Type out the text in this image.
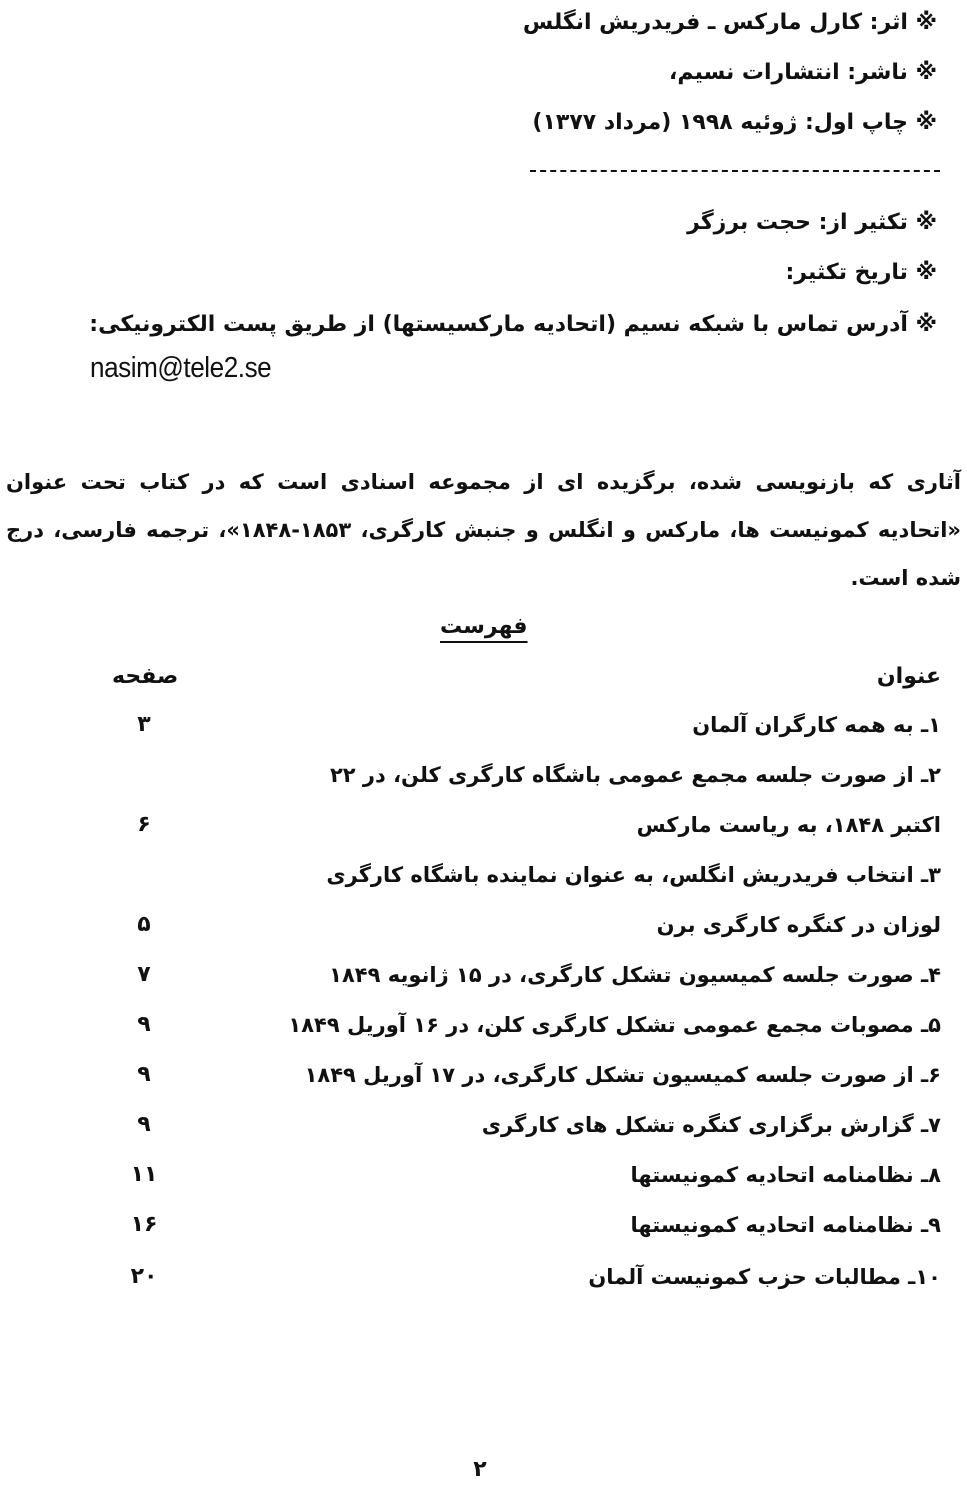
※ اثر: کارل مارکس ـ فریدریش انگلس
※ ناشر: انتشارات نسیم،
※ چاپ اول: ژوئیه ۱۹۹۸ (مرداد ۱۳۷۷)
※ تکثیر از: حجت برزگر
※ تاریخ تکثیر:
※ آدرس تماس با شبکه نسیم (اتحادیه مارکسیستها) از طریق پست الکترونیکی:
nasim@tele2.se
آثاری که بازنویسی شده، برگزیده ای از مجموعه اسنادی است که در کتاب تحت عنوان «اتحادیه کمونیست ها، مارکس و انگلس و جنبش کارگری، ۱۸۵۳-۱۸۴۸»، ترجمه فارسی، درج شده است.
فهرست
عنوان
صفحه
۱ـ به همه کارگران آلمان
۳
۲ـ از صورت جلسه مجمع عمومی باشگاه کارگری کلن، در ۲۲
اکتبر ۱۸۴۸، به ریاست مارکس
۶
۳ـ انتخاب فریدریش انگلس، به عنوان نماینده باشگاه کارگری
لوزان در کنگره کارگری برن
۵
۴ـ صورت جلسه کمیسیون تشکل کارگری، در ۱۵ ژانویه ۱۸۴۹
۷
۵ـ مصوبات مجمع عمومی تشکل کارگری کلن، در ۱۶ آوریل ۱۸۴۹
۹
۶ـ از صورت جلسه کمیسیون تشکل کارگری، در ۱۷ آوریل ۱۸۴۹
۹
۷ـ گزارش برگزاری کنگره تشکل های کارگری
۹
۸ـ نظامنامه اتحادیه کمونیستها
۱۱
۹ـ نظامنامه اتحادیه کمونیستها
۱۶
۱۰ـ مطالبات حزب کمونیست آلمان
۲۰
۲
